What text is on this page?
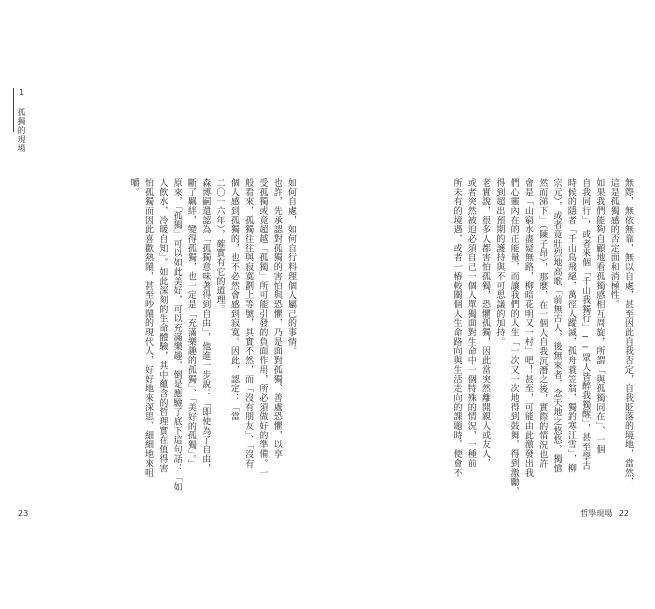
1 孤獨的現場
如何自處，如何自行料理個人屬己的事情。
也許，先承認對孤獨的害怕與恐懼，乃是面對孤獨、善處恐懼，以享
受孤獨或竟超越「孤獨」所可能引發的負面作用，所必須做好的準備。一
般看來，孤獨往往與寂寞劃上等號，其實不然，而「沒有朋友」、「沒有
個人感到孤獨的，也不必然會感到寂寞。因此，認定：「當
二〇一六年），確實有它的道理。
森博嗣還認為「孤獨意味著得到自由」，他進一步說：「即使為了自由，
斷了羈絆，變得孤獨，也一定是「充滿樂趣的孤獨」、「美好的孤獨」。」
原來，「孤獨」可以如此美好，可以充滿樂趣，倒是應驗了底下這句話：「如
人飲水，冷暖自知」。如此深刻的生命體驗，其中蘊含的哲理實在值得害
怕孤獨而因此喜歡熱鬧，甚至吵鬧的現代人，好好地來深思、細細地來咀
嚼。
23
無際，無依無靠，無以自處，甚至因此自我否定，自我貶落的境地，當然，
這是孤獨感的否定面和消極性。
如果我們能夠自顧地看孤獨感相互周旋，所謂「與孤獨同在」、一個
自我同行」，或者來個「千山我獨行」──眾人皆醉我獨醒」，甚至學古
時候的隱者「千山鳥飛絕，萬徑人蹤滅，孤舟蓑笠翁，獨釣寒江雪」，柳
宗元），或者竟壯烈地高歌「前無古人，後無來者，念天地之悠悠，獨愴
然而涕下」（陳子昂），那麼，在一個人自我沉潛之後，實際的情況也許
會是「山窮水盡疑無路，柳暗花明又一村」吧！甚至，可能由此激發出我
們心靈內在的正能量，而讓我們的人生「一次又一次地得到鼓舞，得到激勵，
得到超出預期的護持與不可思議的加持。
老實說，很多人都害怕孤獨，恐懼孤獨，因此當突然離開親人或友人，
或者突然被迫必須自己一個人單獨面對生命中一個特殊的情況，一種前
所未有的境遇，或者一樁較關個人生命路向與生活走向的課題時，便會不
哲學現場 22
